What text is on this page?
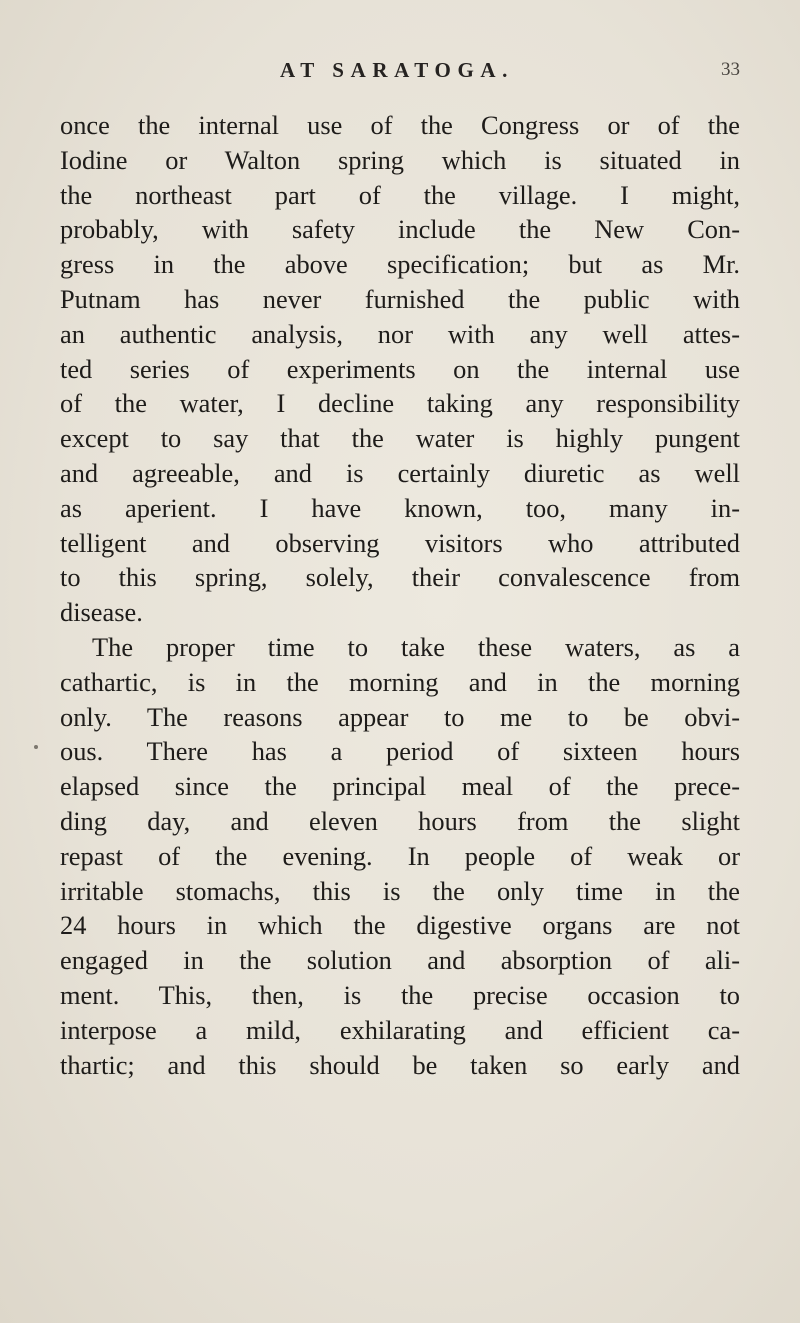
AT SARATOGA.	33
once the internal use of the Congress or of the
Iodine or Walton spring which is situated in
the northeast part of the village. I might,
probably, with safety include the New Con-
gress in the above specification; but as Mr.
Putnam has never furnished the public with
an authentic analysis, nor with any well attes-
ted series of experiments on the internal use
of the water, I decline taking any responsibility
except to say that the water is highly pungent
and agreeable, and is certainly diuretic as well
as aperient. I have known, too, many in-
telligent and observing visitors who attributed
to this spring, solely, their convalescence from
disease.
The proper time to take these waters, as a
cathartic, is in the morning and in the morning
only. The reasons appear to me to be obvi-
ous. There has a period of sixteen hours
elapsed since the principal meal of the prece-
ding day, and eleven hours from the slight
repast of the evening. In people of weak or
irritable stomachs, this is the only time in the
24 hours in which the digestive organs are not
engaged in the solution and absorption of ali-
ment. This, then, is the precise occasion to
interpose a mild, exhilarating and efficient ca-
thartic; and this should be taken so early and
